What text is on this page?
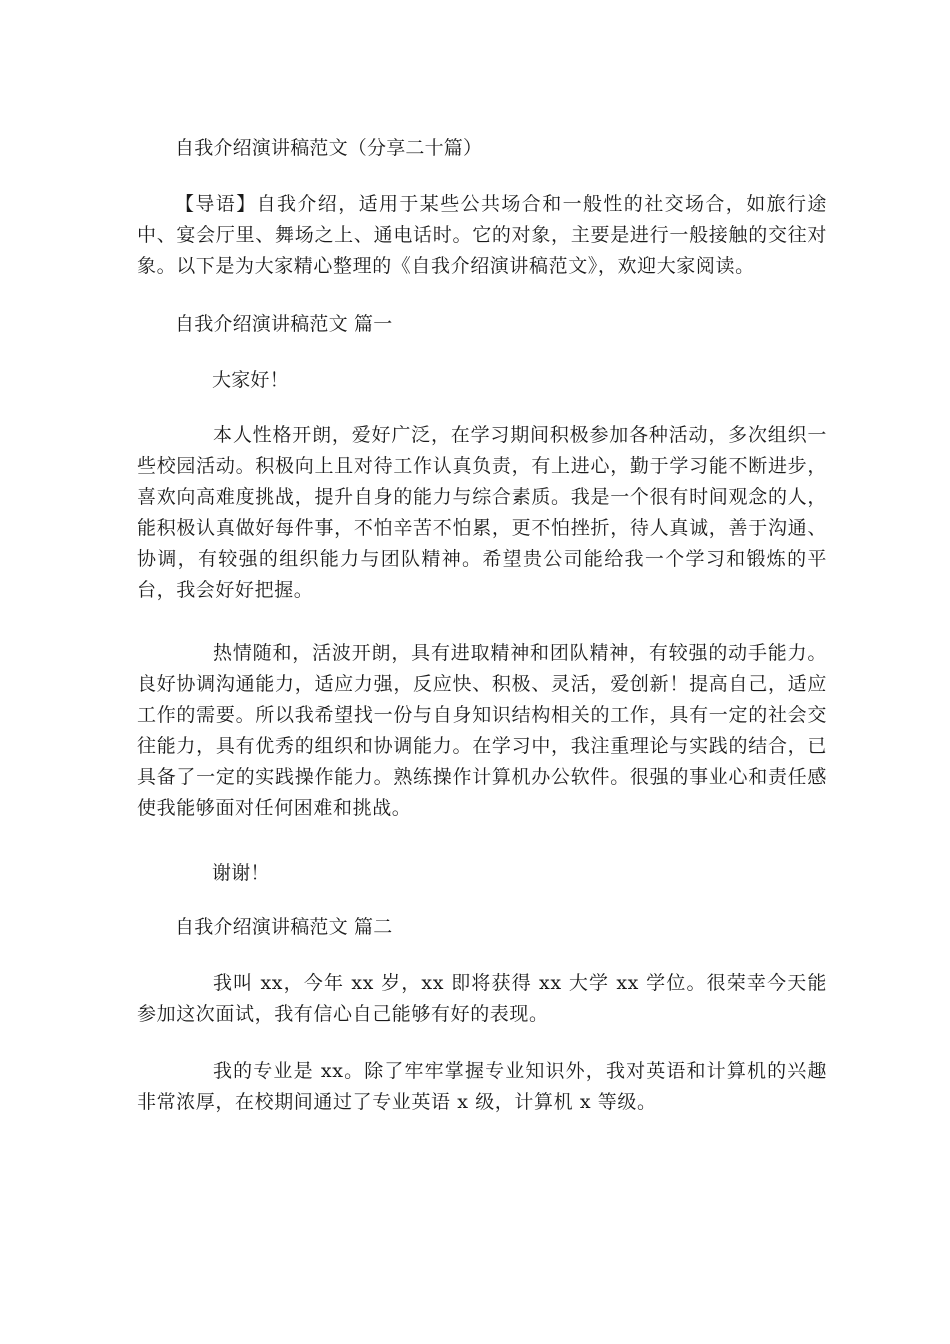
自我介绍演讲稿范文（分享二十篇）
【导语】自我介绍，适用于某些公共场合和一般性的社交场合，如旅行途中、宴会厅里、舞场之上、通电话时。它的对象，主要是进行一般接触的交往对象。以下是为大家精心整理的《自我介绍演讲稿范文》，欢迎大家阅读。
自我介绍演讲稿范文 篇一
大家好！
本人性格开朗，爱好广泛，在学习期间积极参加各种活动，多次组织一些校园活动。积极向上且对待工作认真负责，有上进心，勤于学习能不断进步，喜欢向高难度挑战，提升自身的能力与综合素质。我是一个很有时间观念的人，能积极认真做好每件事，不怕辛苦不怕累，更不怕挫折，待人真诚，善于沟通、协调，有较强的组织能力与团队精神。希望贵公司能给我一个学习和锻炼的平台，我会好好把握。
热情随和，活波开朗，具有进取精神和团队精神，有较强的动手能力。良好协调沟通能力，适应力强，反应快、积极、灵活，爱创新！提高自己，适应工作的需要。所以我希望找一份与自身知识结构相关的工作，具有一定的社会交往能力，具有优秀的组织和协调能力。在学习中，我注重理论与实践的结合，已具备了一定的实践操作能力。熟练操作计算机办公软件。很强的事业心和责任感使我能够面对任何困难和挑战。
谢谢！
自我介绍演讲稿范文 篇二
我叫 xx，今年 xx 岁，xx 即将获得 xx 大学 xx 学位。很荣幸今天能参加这次面试，我有信心自己能够有好的表现。
我的专业是 xx。除了牢牢掌握专业知识外，我对英语和计算机的兴趣非常浓厚，在校期间通过了专业英语 x 级，计算机 x 等级。
